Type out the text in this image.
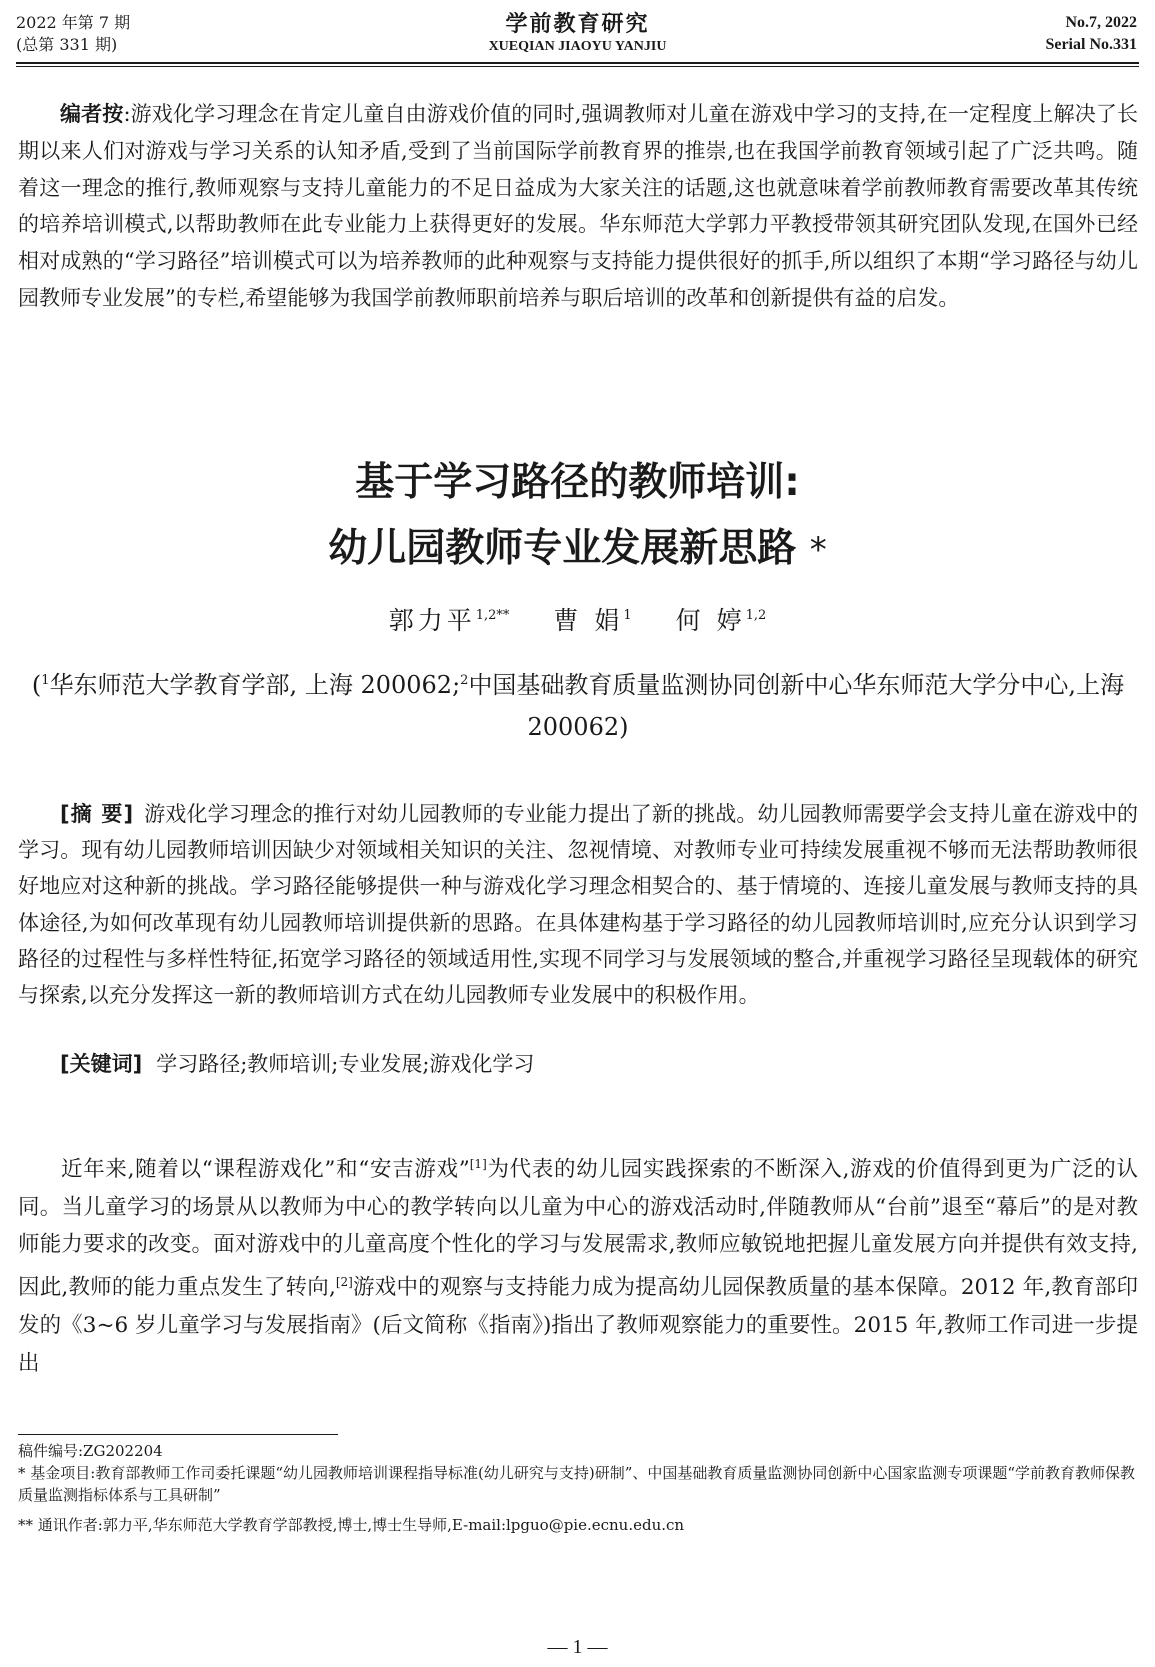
2022 年第 7 期
(总第 331 期)
学前教育研究
XUEQIAN JIAOYU YANJIU
No.7, 2022
Serial No.331
编者按:游戏化学习理念在肯定儿童自由游戏价值的同时,强调教师对儿童在游戏中学习的支持,在一定程度上解决了长期以来人们对游戏与学习关系的认知矛盾,受到了当前国际学前教育界的推崇,也在我国学前教育领域引起了广泛共鸣。随着这一理念的推行,教师观察与支持儿童能力的不足日益成为大家关注的话题,这也就意味着学前教师教育需要改革其传统的培养培训模式,以帮助教师在此专业能力上获得更好的发展。华东师范大学郭力平教授带领其研究团队发现,在国外已经相对成熟的“学习路径”培训模式可以为培养教师的此种观察与支持能力提供很好的抓手,所以组织了本期“学习路径与幼儿园教师专业发展”的专栏,希望能够为我国学前教师职前培养与职后培训的改革和创新提供有益的启发。
基于学习路径的教师培训:
幼儿园教师专业发展新思路 *
郭力平$^{1,2**}$ 曹 娟$^1$ 何 婷$^{1,2}$
($^1$华东师范大学教育学部, 上海 200062;$^2$中国基础教育质量监测协同创新中心华东师范大学分中心,上海 200062)
[摘 要] 游戏化学习理念的推行对幼儿园教师的专业能力提出了新的挑战。幼儿园教师需要学会支持儿童在游戏中的学习。现有幼儿园教师培训因缺少对领域相关知识的关注、忽视情境、对教师专业可持续发展重视不够而无法帮助教师很好地应对这种新的挑战。学习路径能够提供一种与游戏化学习理念相契合的、基于情境的、连接儿童发展与教师支持的具体途径,为如何改革现有幼儿园教师培训提供新的思路。在具体建构基于学习路径的幼儿园教师培训时,应充分认识到学习路径的过程性与多样性特征,拓宽学习路径的领域适用性,实现不同学习与发展领域的整合,并重视学习路径呈现载体的研究与探索,以充分发挥这一新的教师培训方式在幼儿园教师专业发展中的积极作用。
[关键词] 学习路径;教师培训;专业发展;游戏化学习
近年来,随着以“课程游戏化”和“安吉游戏”[1]为代表的幼儿园实践探索的不断深入,游戏的价值得到更为广泛的认同。当儿童学习的场景从以教师为中心的教学转向以儿童为中心的游戏活动时,伴随教师从“台前”退至“幕后”的是对教师能力要求的改变。面对游戏中的儿童高度个性化的学习与发展需求,教师应敏锐地把握儿童发展方向并提供有效支持,因此,教师的能力重点发生了转向,[2]游戏中的观察与支持能力成为提高幼儿园保教质量的基本保障。2012 年,教育部印发的《3~6 岁儿童学习与发展指南》(后文简称《指南》)指出了教师观察能力的重要性。2015 年,教师工作司进一步提出

稿件编号:ZG202204

* 基金项目:教育部教师工作司委托课题“幼儿园教师培训课程指导标准(幼儿研究与支持)研制”、中国基础教育质量监测协同创新中心国家监测专项课题“学前教育教师保教质量监测指标体系与工具研制”

** 通讯作者:郭力平,华东师范大学教育学部教授,博士,博士生导师,E-mail:lpguo@pie.ecnu.edu.cn

— 1 —
